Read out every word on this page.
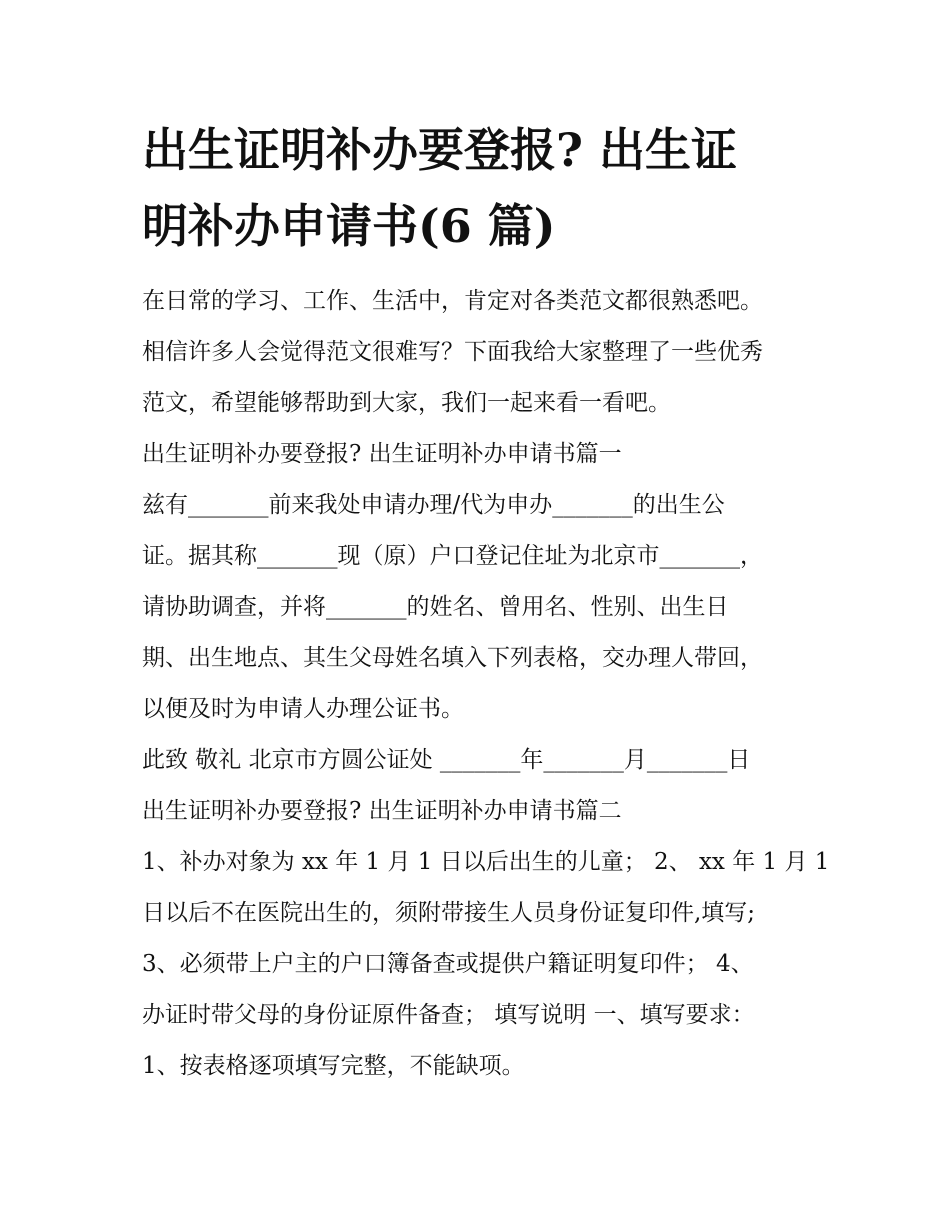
出生证明补办要登报? 出生证
明补办申请书(6 篇)
在日常的学习、工作、生活中，肯定对各类范文都很熟悉吧。
相信许多人会觉得范文很难写？下面我给大家整理了一些优秀
范文，希望能够帮助到大家，我们一起来看一看吧。
出生证明补办要登报? 出生证明补办申请书篇一
兹有_______前来我处申请办理/代为申办_______的出生公
证。据其称_______现（原）户口登记住址为北京市_______，
请协助调查，并将_______的姓名、曾用名、性别、出生日
期、出生地点、其生父母姓名填入下列表格，交办理人带回，
以便及时为申请人办理公证书。
此致 敬礼 北京市方圆公证处 _______年_______月_______日
出生证明补办要登报? 出生证明补办申请书篇二
1、补办对象为 xx 年 1 月 1 日以后出生的儿童； 2、 xx 年 1 月 1
日以后不在医院出生的，须附带接生人员身份证复印件,填写;
3、必须带上户主的户口簿备查或提供户籍证明复印件； 4、
办证时带父母的身份证原件备查； 填写说明 一、填写要求：
1、按表格逐项填写完整，不能缺项。
